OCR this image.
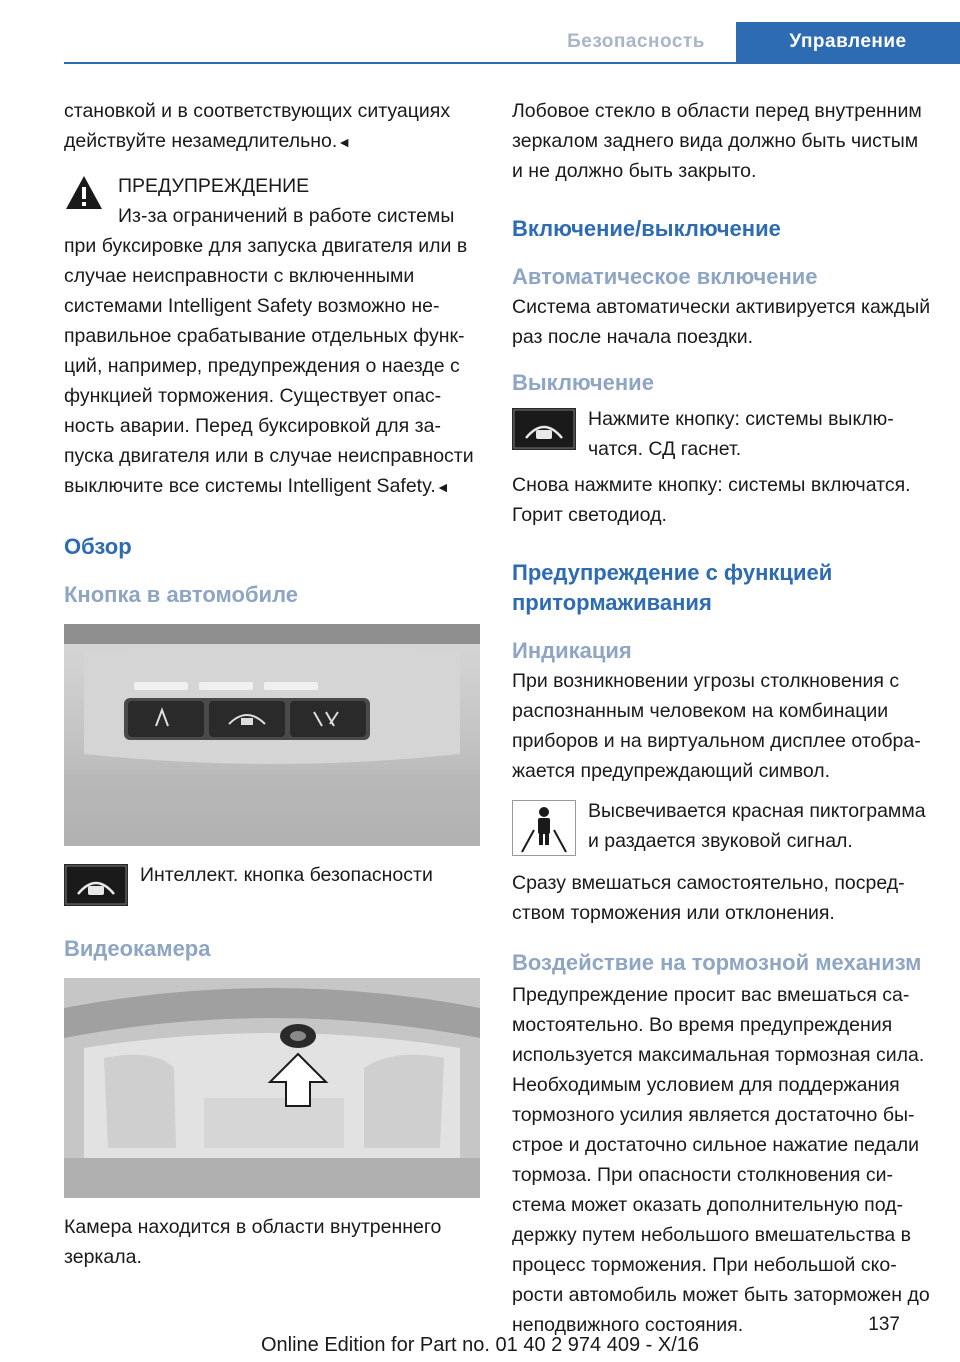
Безопасность	Управление

становкой и в соответствующих ситуациях действуйте незамедлительно.◄

ПРЕДУПРЕЖДЕНИЕ

Из-за ограничений в работе системы при буксировке для запуска двигателя или в случае неисправности с включенными системами Intelligent Safety возможно неправильное срабатывание отдельных функций, например, предупреждения о наезде с функцией торможения. Существует опасность аварии. Перед буксировкой для запуска двигателя или в случае неисправности выключите все системы Intelligent Safety.◄

Обзор
Кнопка в автомобиле

Интеллект. кнопка безопасности

Видеокамера

Камера находится в области внутреннего зеркала.

Лобовое стекло в области перед внутренним зеркалом заднего вида должно быть чистым и не должно быть закрыто.

Включение/выключение
Автоматическое включение

Система автоматически активируется каждый раз после начала поездки.

Выключение

Нажмите кнопку: системы выключатся. СД гаснет.

Снова нажмите кнопку: системы включатся. Горит светодиод.

Предупреждение с функцией притормаживания
Индикация

При возникновении угрозы столкновения с распознанным человеком на комбинации приборов и на виртуальном дисплее отображается предупреждающий символ.

Высвечивается красная пиктограмма и раздается звуковой сигнал.

Сразу вмешаться самостоятельно, посредством торможения или отклонения.

Воздействие на тормозной механизм

Предупреждение просит вас вмешаться самостоятельно. Во время предупреждения используется максимальная тормозная сила. Необходимым условием для поддержания тормозного усилия является достаточно быстрое и достаточно сильное нажатие педали тормоза. При опасности столкновения система может оказать дополнительную поддержку путем небольшого вмешательства в процесс торможения. При небольшой скорости автомобиль может быть заторможен до неподвижного состояния.	137
Online Edition for Part no. 01 40 2 974 409 - X/16
